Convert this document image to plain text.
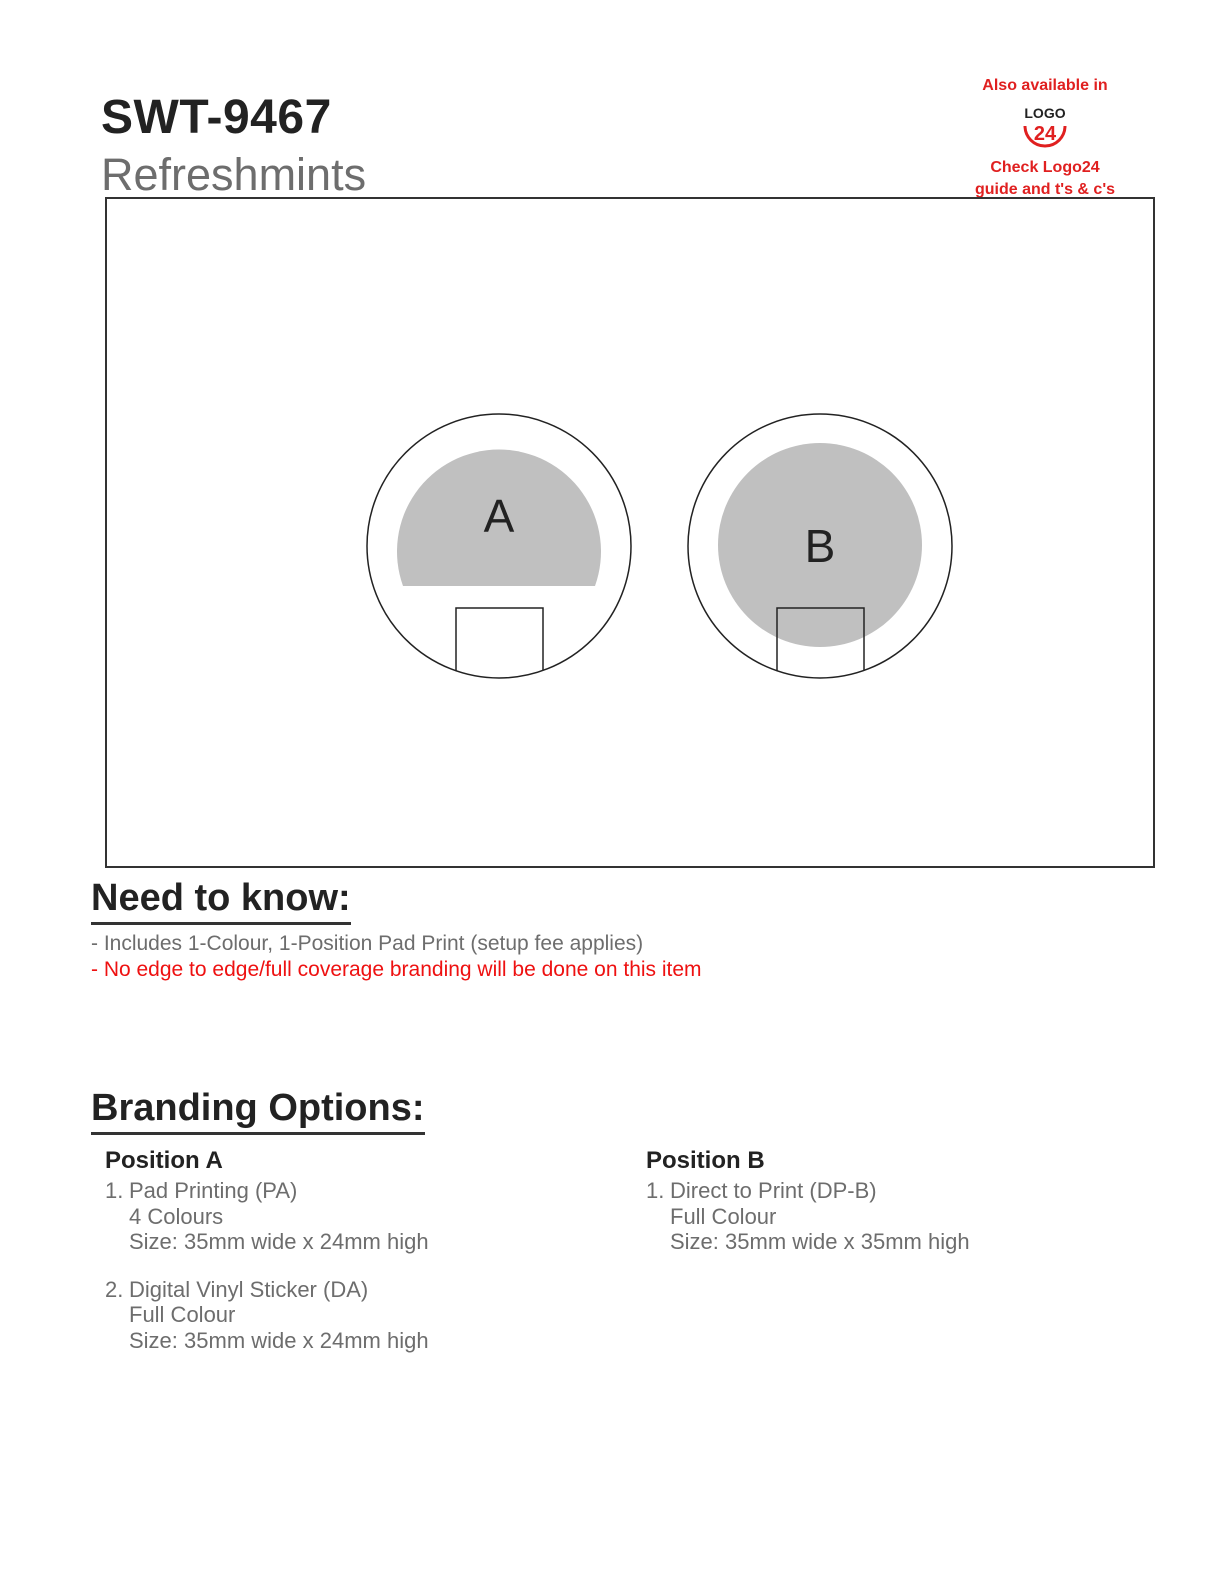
SWT-9467
Refreshmints
Also available in
LOGO
24
Check Logo24
guide and t's & c's
A
B
Need to know:
- Includes 1-Colour, 1-Position Pad Print (setup fee applies)
- No edge to edge/full coverage branding will be done on this item
Branding Options:
Position A
1. Pad Printing (PA)
4 Colours
Size: 35mm wide x 24mm high
2. Digital Vinyl Sticker (DA)
Full Colour
Size: 35mm wide x 24mm high
Position B
1. Direct to Print (DP-B)
Full Colour
Size: 35mm wide x 35mm high
